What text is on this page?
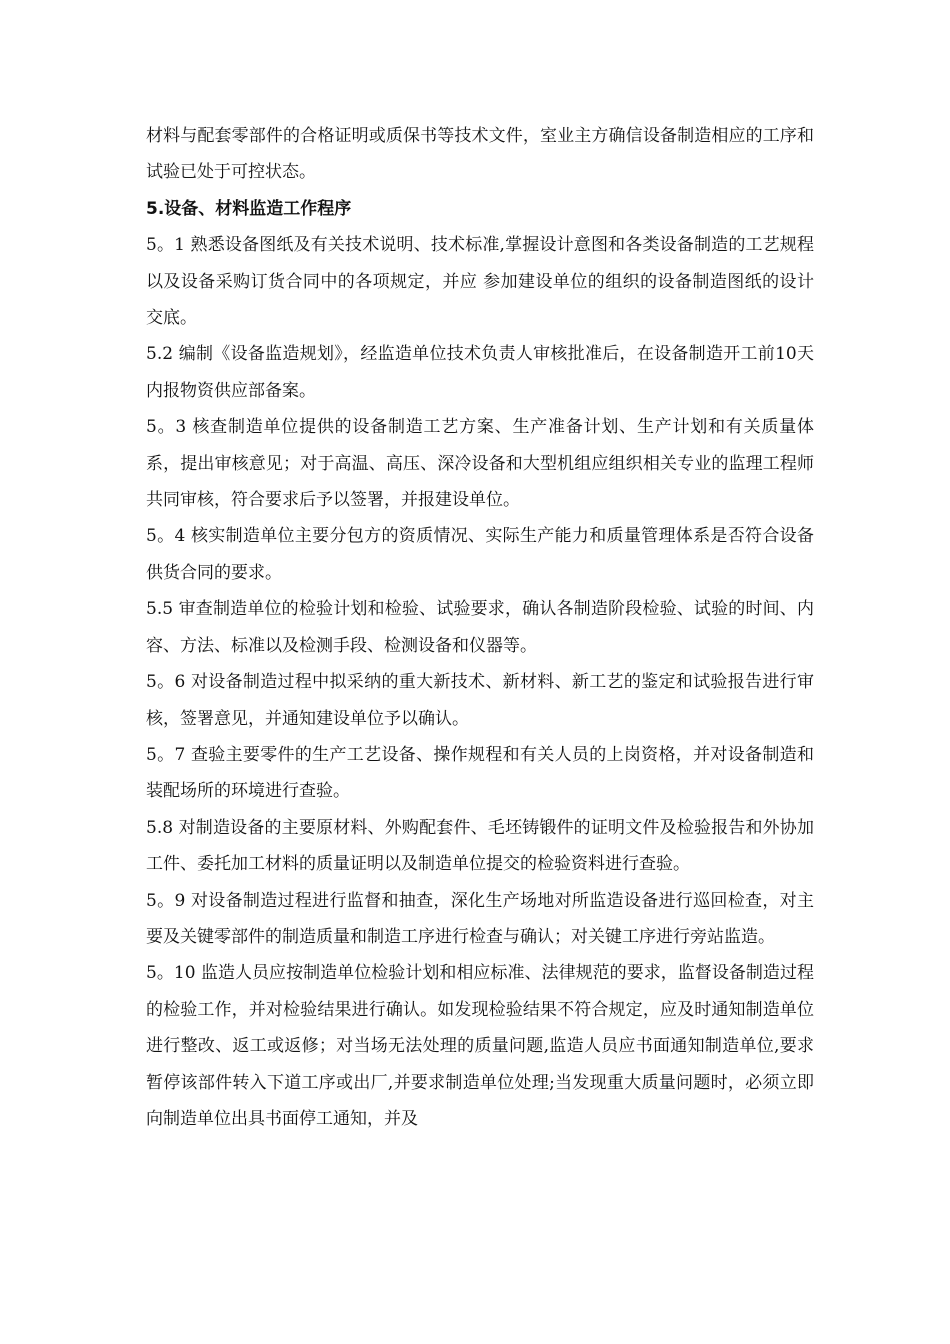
材料与配套零部件的合格证明或质保书等技术文件，室业主方确信设备制造相应的工序和试验已处于可控状态。

5.设备、材料监造工作程序

5。1 熟悉设备图纸及有关技术说明、技术标准,掌握设计意图和各类设备制造的工艺规程以及设备采购订货合同中的各项规定，并应 参加建设单位的组织的设备制造图纸的设计交底。

5.2 编制《设备监造规划》，经监造单位技术负责人审核批准后，在设备制造开工前10天内报物资供应部备案。

5。3 核查制造单位提供的设备制造工艺方案、生产准备计划、生产计划和有关质量体系，提出审核意见；对于高温、高压、深冷设备和大型机组应组织相关专业的监理工程师共同审核，符合要求后予以签署，并报建设单位。

5。4 核实制造单位主要分包方的资质情况、实际生产能力和质量管理体系是否符合设备供货合同的要求。

5.5 审查制造单位的检验计划和检验、试验要求，确认各制造阶段检验、试验的时间、内容、方法、标准以及检测手段、检测设备和仪器等。

5。6 对设备制造过程中拟采纳的重大新技术、新材料、新工艺的鉴定和试验报告进行审核，签署意见，并通知建设单位予以确认。

5。7 查验主要零件的生产工艺设备、操作规程和有关人员的上岗资格，并对设备制造和装配场所的环境进行查验。

5.8 对制造设备的主要原材料、外购配套件、毛坯铸锻件的证明文件及检验报告和外协加工件、委托加工材料的质量证明以及制造单位提交的检验资料进行查验。

5。9 对设备制造过程进行监督和抽查，深化生产场地对所监造设备进行巡回检查，对主要及关键零部件的制造质量和制造工序进行检查与确认；对关键工序进行旁站监造。

5。10 监造人员应按制造单位检验计划和相应标准、法律规范的要求，监督设备制造过程的检验工作，并对检验结果进行确认。如发现检验结果不符合规定，应及时通知制造单位进行整改、返工或返修；对当场无法处理的质量问题,监造人员应书面通知制造单位,要求暂停该部件转入下道工序或出厂,并要求制造单位处理;当发现重大质量问题时，必须立即向制造单位出具书面停工通知，并及
